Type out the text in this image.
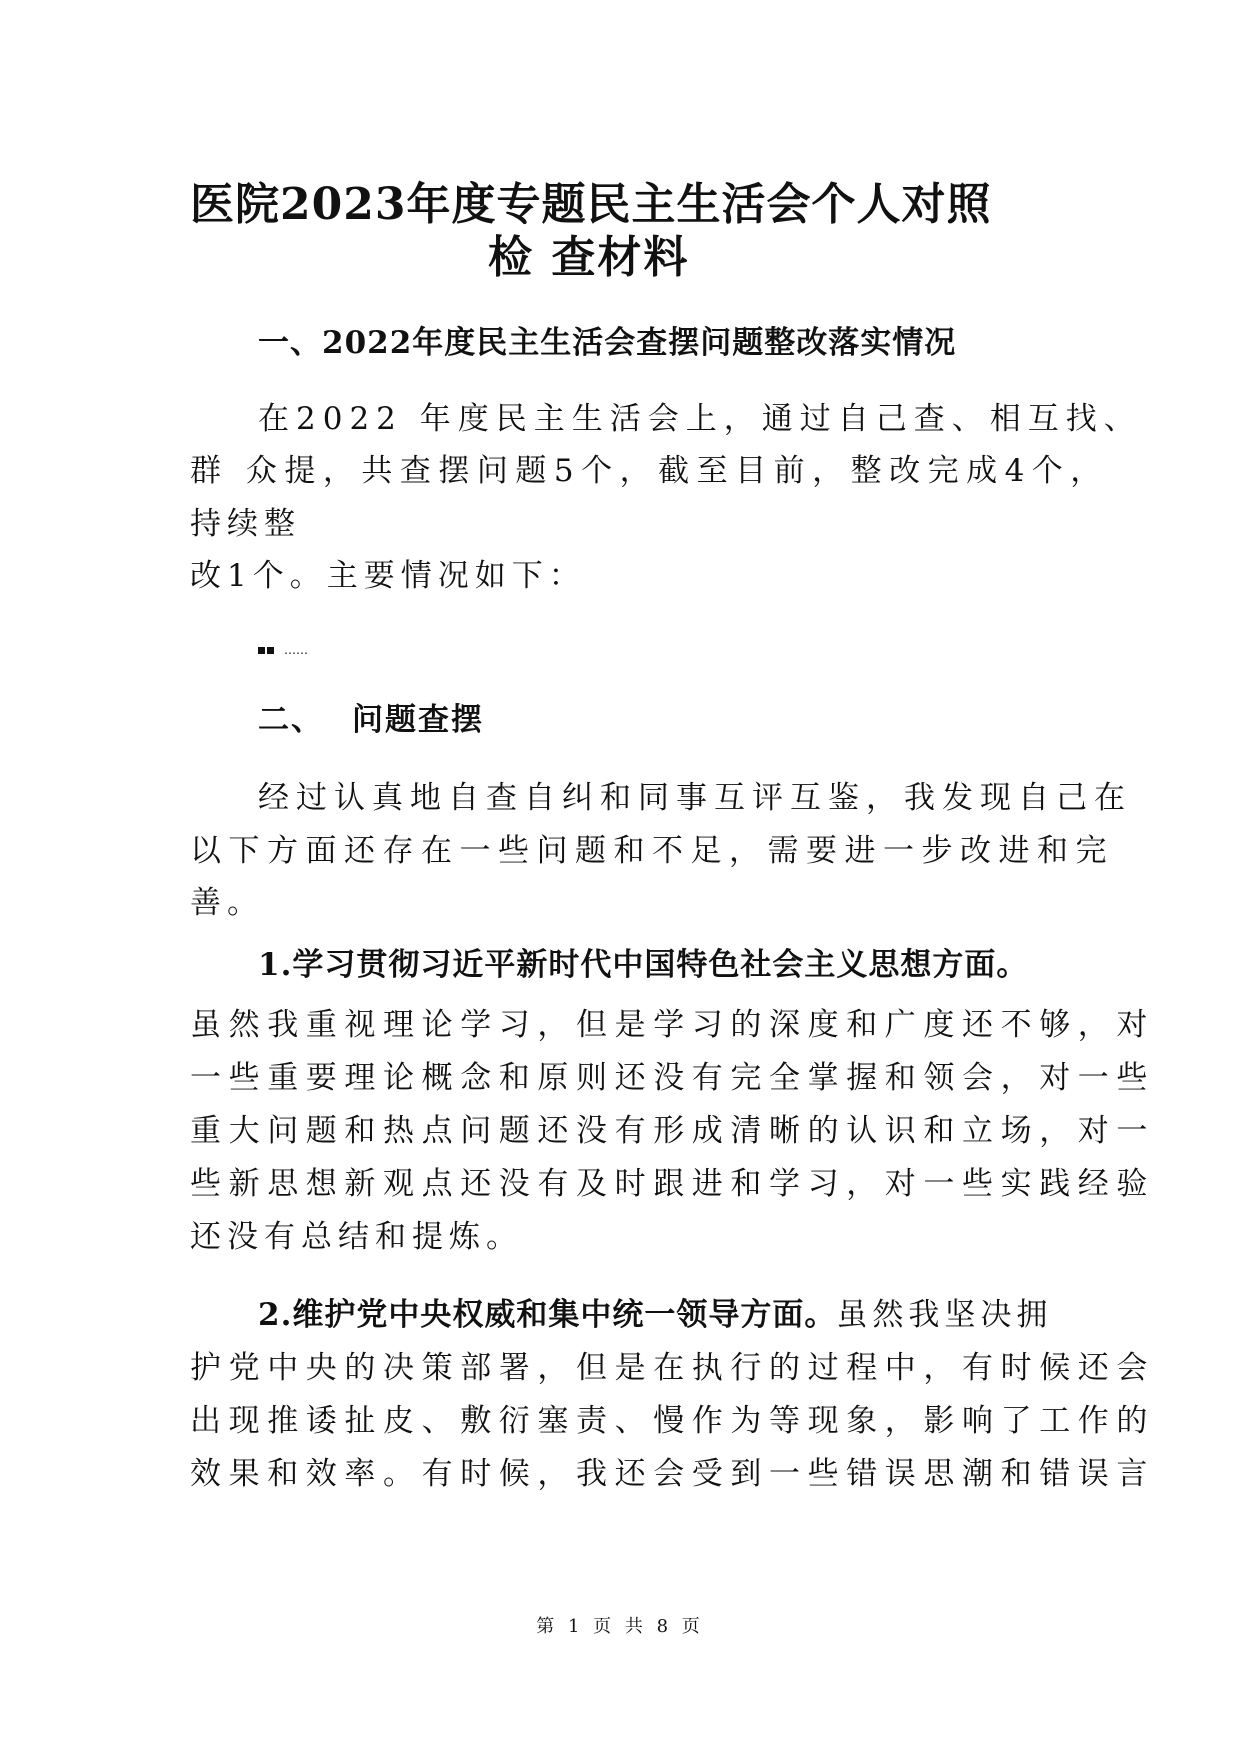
医院2023年度专题民主生活会个人对照
检 查材料
一、2022年度民主生活会查摆问题整改落实情况
在2022 年度民主生活会上，通过自己查、相互找、
群 众提，共查摆问题5个，截至目前，整改完成4个，
持续整
改1个。主要情况如下：
……
二、 问题查摆
经过认真地自查自纠和同事互评互鉴，我发现自己在
以下方面还存在一些问题和不足，需要进一步改进和完
善。
1.学习贯彻习近平新时代中国特色社会主义思想方面。
虽然我重视理论学习，但是学习的深度和广度还不够，对
一些重要理论概念和原则还没有完全掌握和领会，对一些
重大问题和热点问题还没有形成清晰的认识和立场，对一
些新思想新观点还没有及时跟进和学习，对一些实践经验
还没有总结和提炼。
2.维护党中央权威和集中统一领导方面。虽然我坚决拥
护党中央的决策部署，但是在执行的过程中，有时候还会
出现推诿扯皮、敷衍塞责、慢作为等现象，影响了工作的
效果和效率。有时候，我还会受到一些错误思潮和错误言
第 1 页 共 8 页
